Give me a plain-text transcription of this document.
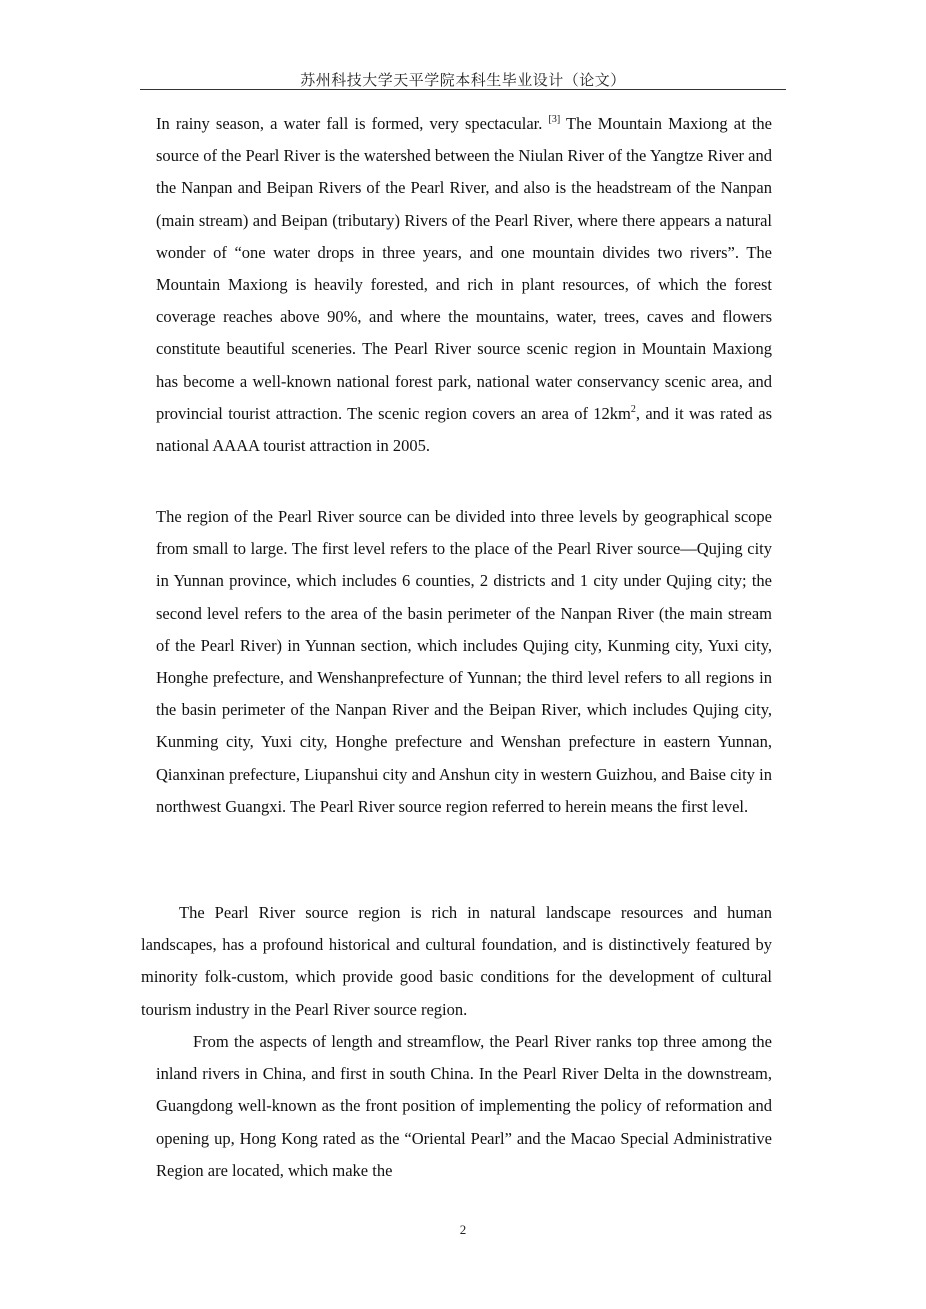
苏州科技大学天平学院本科生毕业设计（论文）

In rainy season, a water fall is formed, very spectacular. [3] The Mountain Maxiong at the source of the Pearl River is the watershed between the Niulan River of the Yangtze River and the Nanpan and Beipan Rivers of the Pearl River, and also is the headstream of the Nanpan (main stream) and Beipan (tributary) Rivers of the Pearl River, where there appears a natural wonder of “one water drops in three years, and one mountain divides two rivers”. The Mountain Maxiong is heavily forested, and rich in plant resources, of which the forest coverage reaches above 90%, and where the mountains, water, trees, caves and flowers constitute beautiful sceneries. The Pearl River source scenic region in Mountain Maxiong has become a well-known national forest park, national water conservancy scenic area, and provincial tourist attraction. The scenic region covers an area of $12km^2$, and it was rated as national AAAA tourist attraction in 2005.

The region of the Pearl River source can be divided into three levels by geographical scope from small to large. The first level refers to the place of the Pearl River source—Qujing city in Yunnan province, which includes 6 counties, 2 districts and 1 city under Qujing city; the second level refers to the area of the basin perimeter of the Nanpan River (the main stream of the Pearl River) in Yunnan section, which includes Qujing city, Kunming city, Yuxi city, Honghe prefecture, and Wenshanprefecture of Yunnan; the third level refers to all regions in the basin perimeter of the Nanpan River and the Beipan River, which includes Qujing city, Kunming city, Yuxi city, Honghe prefecture and Wenshan prefecture in eastern Yunnan, Qianxinan prefecture, Liupanshui city and Anshun city in western Guizhou, and Baise city in northwest Guangxi. The Pearl River source region referred to herein means the first level.

The Pearl River source region is rich in natural landscape resources and human landscapes, has a profound historical and cultural foundation, and is distinctively featured by minority folk-custom, which provide good basic conditions for the development of cultural tourism industry in the Pearl River source region.

From the aspects of length and streamflow, the Pearl River ranks top three among the inland rivers in China, and first in south China. In the Pearl River Delta in the downstream, Guangdong well-known as the front position of implementing the policy of reformation and opening up, Hong Kong rated as the “Oriental Pearl” and the Macao Special Administrative Region are located, which make the

2
